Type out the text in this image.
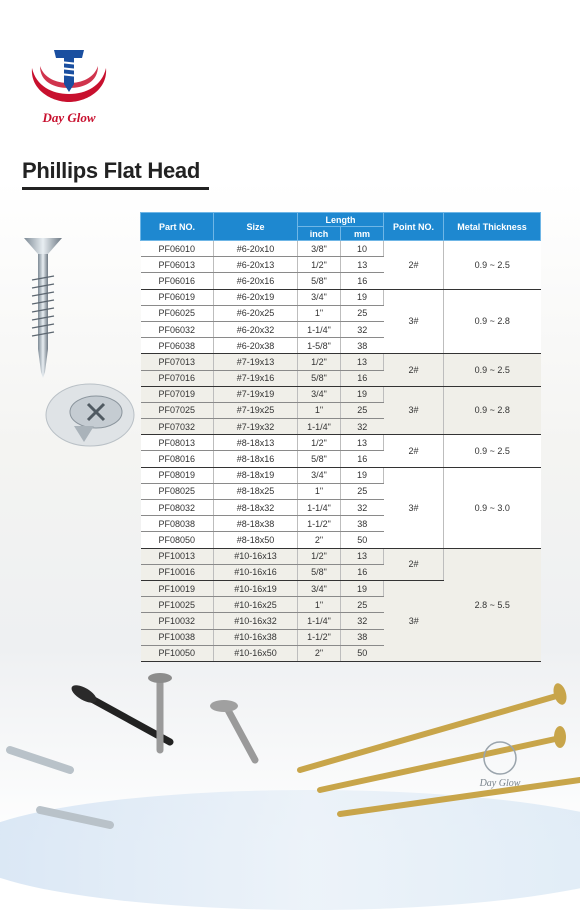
Day Glow
Phillips Flat Head
Day Glow
Part NO.	Size	Length		Point NO.	Metal Thickness
		inch	mm		
PF06010	#6-20x10	3/8"	10	2#	0.9 ~ 2.5
PF06013	#6-20x13	1/2"	13		
PF06016	#6-20x16	5/8"	16		
PF06019	#6-20x19	3/4"	19	3#	0.9 ~ 2.8
PF06025	#6-20x25	1"	25		
PF06032	#6-20x32	1-1/4"	32		
PF06038	#6-20x38	1-5/8"	38		
PF07013	#7-19x13	1/2"	13	2#	0.9 ~ 2.5
PF07016	#7-19x16	5/8"	16		
PF07019	#7-19x19	3/4"	19	3#	0.9 ~ 2.8
PF07025	#7-19x25	1"	25		
PF07032	#7-19x32	1-1/4"	32		
PF08013	#8-18x13	1/2"	13	2#	0.9 ~ 2.5
PF08016	#8-18x16	5/8"	16		
PF08019	#8-18x19	3/4"	19	3#	0.9 ~ 3.0
PF08025	#8-18x25	1"	25		
PF08032	#8-18x32	1-1/4"	32		
PF08038	#8-18x38	1-1/2"	38		
PF08050	#8-18x50	2"	50		
PF10013	#10-16x13	1/2"	13	2#	2.8 ~ 5.5
PF10016	#10-16x16	5/8"	16		
PF10019	#10-16x19	3/4"	19	3#	
PF10025	#10-16x25	1"	25		
PF10032	#10-16x32	1-1/4"	32		
PF10038	#10-16x38	1-1/2"	38		
PF10050	#10-16x50	2"	50		
